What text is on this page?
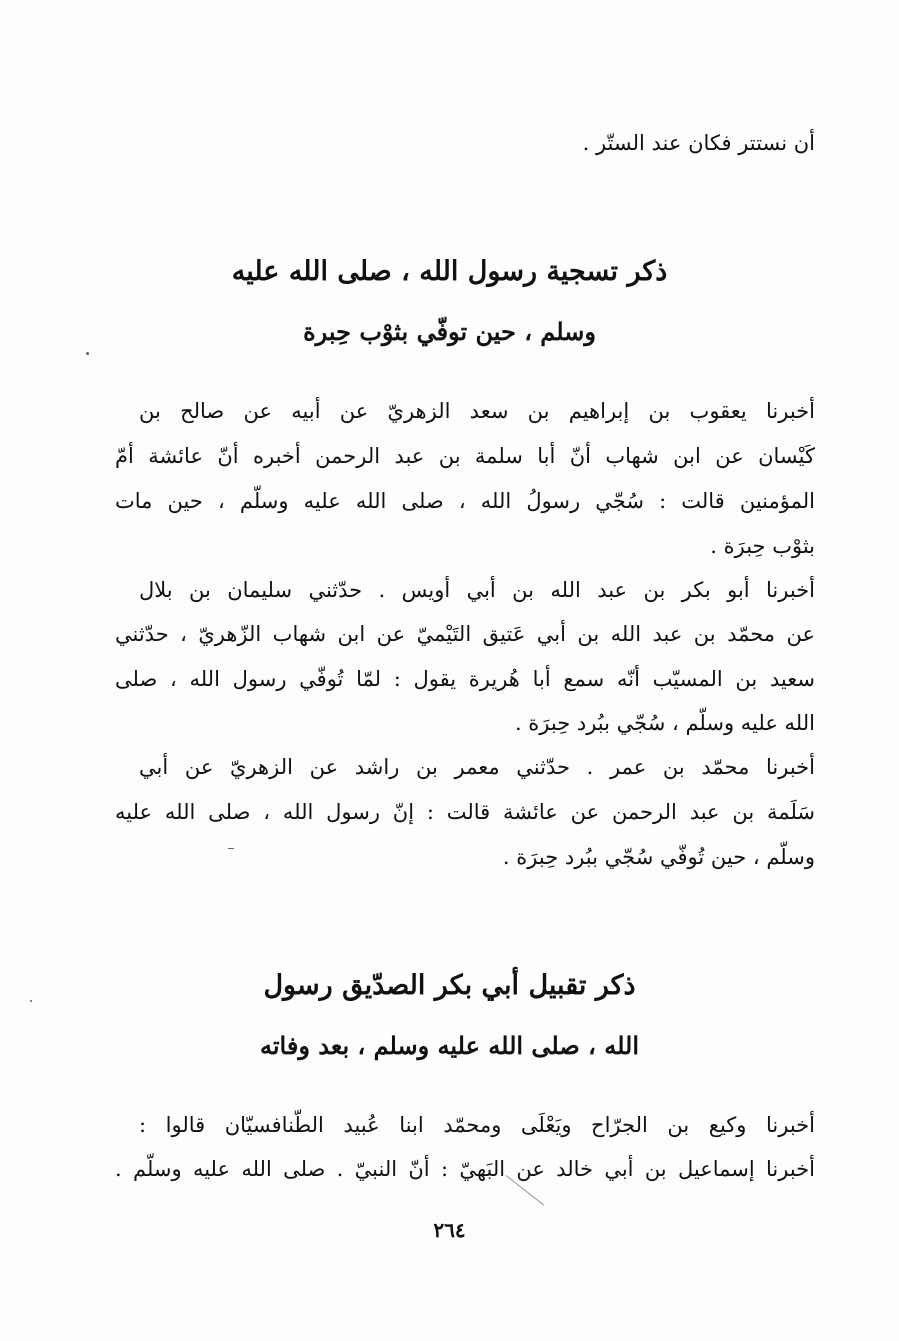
أن نستتر فكان عند الستّر .
ذكر تسجية رسول الله ، صلى الله عليه
وسلم ، حين توفّي بثوْب حِبرة
أخبرنا يعقوب بن إبراهيم بن سعد الزهريّ عن أبيه عن صالح بن
كَيْسان عن ابن شهاب أنّ أبا سلمة بن عبد الرحمن أخبره أنّ عائشة أمّ
المؤمنين قالت : سُجّي رسولُ الله ، صلى الله عليه وسلّم ، حين مات
بثوْب حِبرَة .
أخبرنا أبو بكر بن عبد الله بن أبي أويس . حدّثني سليمان بن بلال
عن محمّد بن عبد الله بن أبي عَتيق التَيْميّ عن ابن شهاب الزّهريّ ، حدّثني
سعيد بن المسيّب أنّه سمع أبا هُريرة يقول : لمّا تُوفّي رسول الله ، صلى
الله عليه وسلّم ، سُجّي ببُرد حِبرَة .
أخبرنا محمّد بن عمر . حدّثني معمر بن راشد عن الزهريّ عن أبي
سَلَمة بن عبد الرحمن عن عائشة قالت : إنّ رسول الله ، صلى الله عليه
وسلّم ، حين تُوفّي سُجّي ببُرد حِبرَة .
ذكر تقبيل أبي بكر الصدّيق رسول
الله ، صلى الله عليه وسلم ، بعد وفاته
أخبرنا وكيع بن الجرّاح ويَعْلَى ومحمّد ابنا عُبيد الطّنافسيّان قالوا :
أخبرنا إسماعيل بن أبي خالد عن البَهيّ : أنّ النبيّ . صلى الله عليه وسلّم .
٢٦٤
